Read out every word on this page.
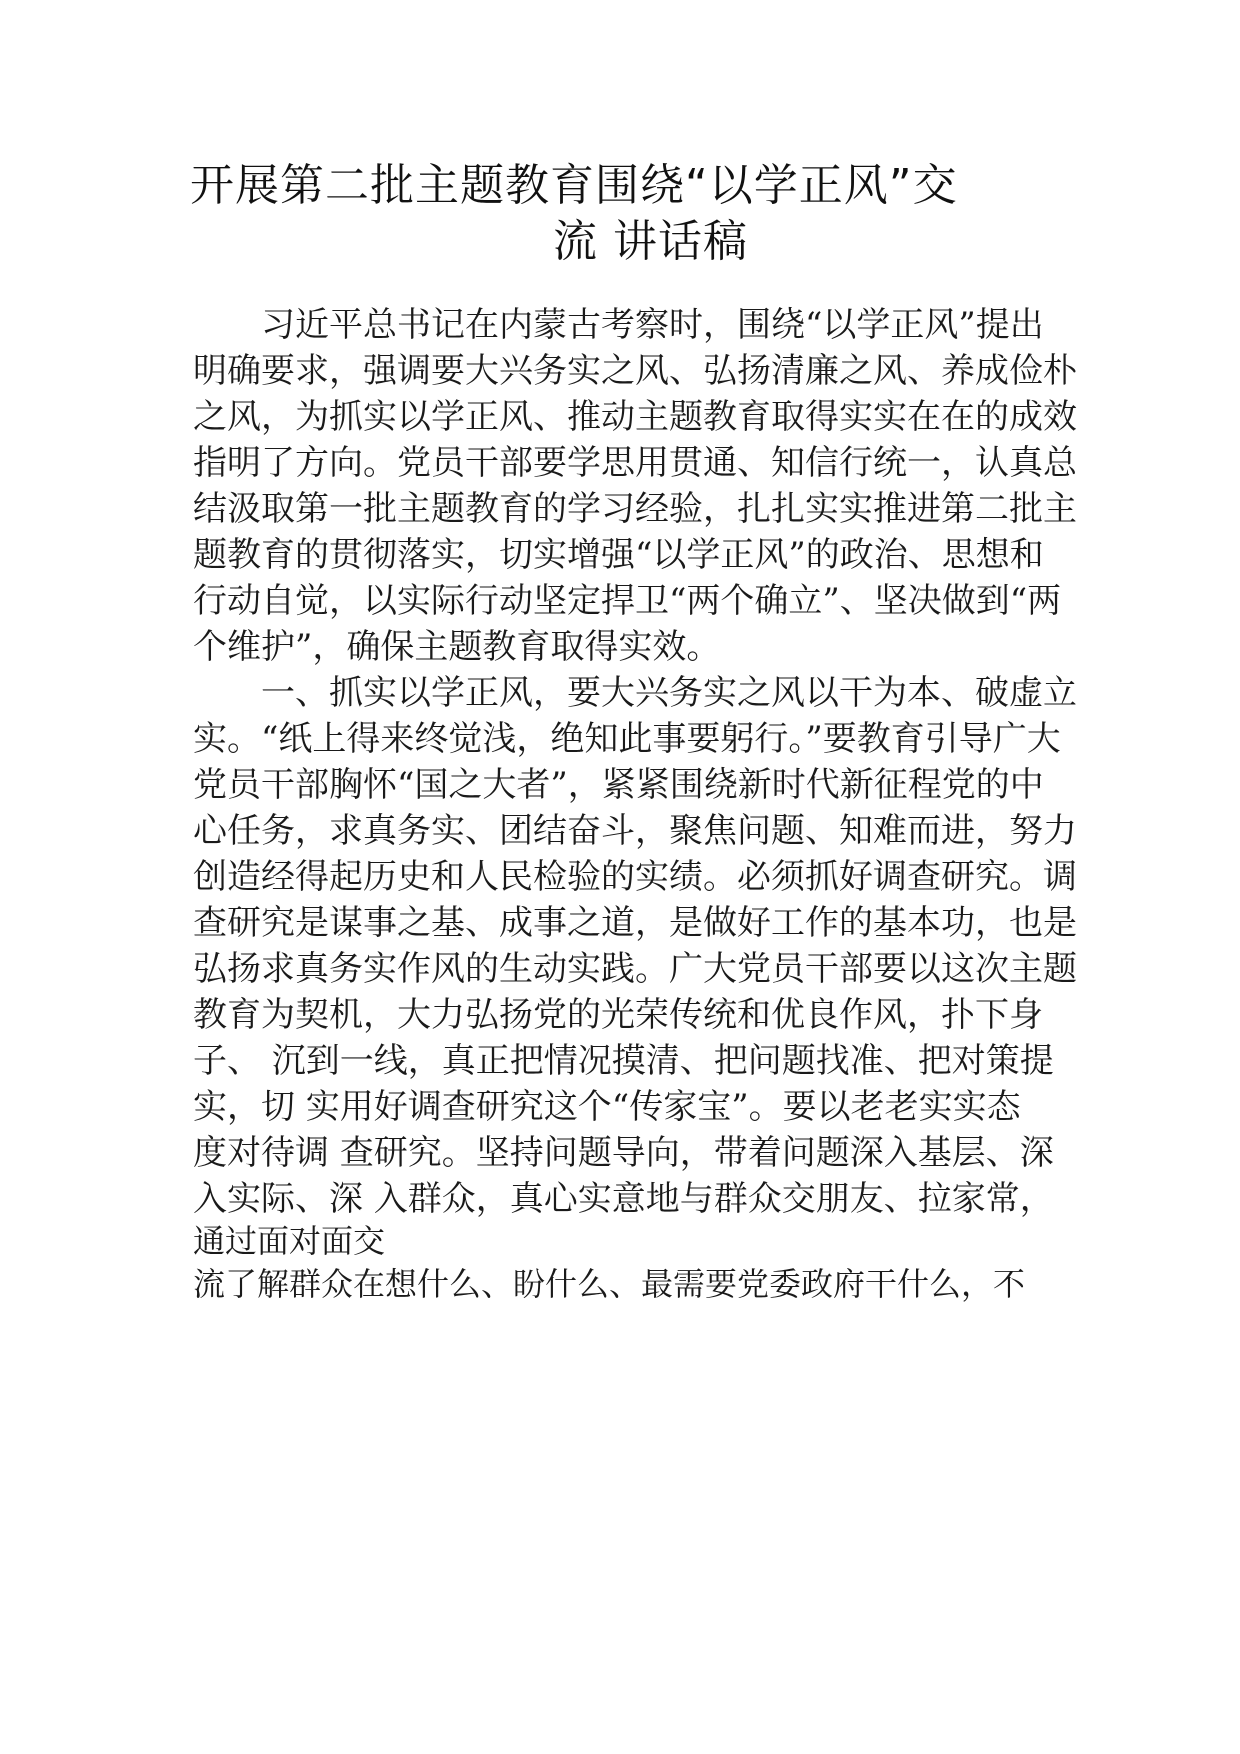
开展第二批主题教育围绕“以学正风”交
流 讲话稿
　　习近平总书记在内蒙古考察时，围绕“以学正风”提出
明确要求，强调要大兴务实之风、弘扬清廉之风、养成俭朴
之风，为抓实以学正风、推动主题教育取得实实在在的成效
指明了方向。党员干部要学思用贯通、知信行统一，认真总
结汲取第一批主题教育的学习经验，扎扎实实推进第二批主
题教育的贯彻落实，切实增强“以学正风”的政治、思想和
行动自觉，以实际行动坚定捍卫“两个确立”、坚决做到“两
个维护”，确保主题教育取得实效。
　　一、抓实以学正风，要大兴务实之风以干为本、破虚立
实。“纸上得来终觉浅，绝知此事要躬行。”要教育引导广大
党员干部胸怀“国之大者”，紧紧围绕新时代新征程党的中
心任务，求真务实、团结奋斗，聚焦问题、知难而进，努力
创造经得起历史和人民检验的实绩。必须抓好调查研究。调
查研究是谋事之基、成事之道，是做好工作的基本功，也是
弘扬求真务实作风的生动实践。广大党员干部要以这次主题
教育为契机，大力弘扬党的光荣传统和优良作风，扑下身
子、 沉到一线，真正把情况摸清、把问题找准、把对策提
实，切 实用好调查研究这个“传家宝”。要以老老实实态
度对待调 查研究。坚持问题导向，带着问题深入基层、深
入实际、深 入群众，真心实意地与群众交朋友、拉家常，
通过面对面交
流了解群众在想什么、盼什么、最需要党委政府干什么，不
